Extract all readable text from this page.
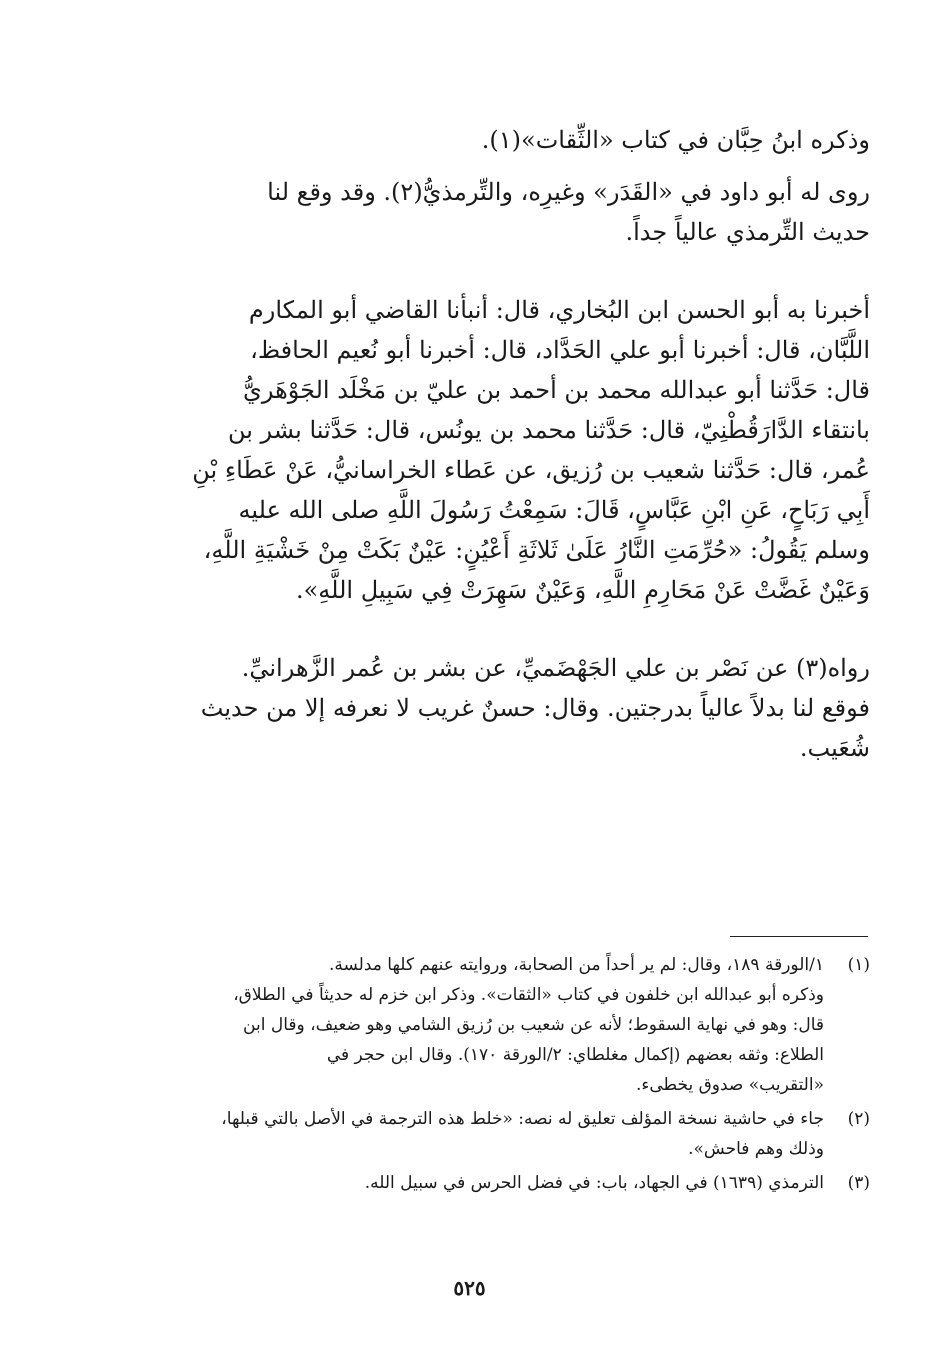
وذكره ابنُ حِبَّان في كتاب «الثِّقات»(١).

روى له أبو داود في «القَدَر» وغيرِه، والتِّرمذيُّ(٢). وقد وقع لنا
حديث التِّرمذي عالياً جداً.

أخبرنا به أبو الحسن ابن البُخاري، قال: أنبأنا القاضي أبو المكارم
اللَّبَّان، قال: أخبرنا أبو علي الحَدَّاد، قال: أخبرنا أبو نُعيم الحافظ،
قال: حَدَّثنا أبو عبدالله محمد بن أحمد بن عليّ بن مَخْلَد الجَوْهَريُّ
بانتقاء الدَّارَقُطْنِيّ، قال: حَدَّثنا محمد بن يونُس، قال: حَدَّثنا بشر بن
عُمر، قال: حَدَّثنا شعيب بن رُزيق، عن عَطاء الخراسانيُّ، عَنْ عَطَاءِ بْنِ
أَبِي رَبَاحٍ، عَنِ ابْنِ عَبَّاسٍ، قَالَ: سَمِعْتُ رَسُولَ اللَّهِ صلى الله عليه
وسلم يَقُولُ: «حُرِّمَتِ النَّارُ عَلَىٰ ثَلاثَةِ أَعْيُنٍ: عَيْنٌ بَكَتْ مِنْ خَشْيَةِ اللَّهِ،
وَعَيْنٌ غَضَّتْ عَنْ مَحَارِمِ اللَّهِ، وَعَيْنٌ سَهِرَتْ فِي سَبِيلِ اللَّهِ».

رواه(٣) عن نَصْر بن علي الجَهْضَميِّ، عن بشر بن عُمر الزَّهرانيِّ.
فوقع لنا بدلاً عالياً بدرجتين. وقال: حسنٌ غريب لا نعرفه إلا من حديث
شُعَيب.

(١)
١/الورقة ١٨٩، وقال: لم ير أحداً من الصحابة، وروايته عنهم كلها مدلسة.
وذكره أبو عبدالله ابن خلفون في كتاب «الثقات». وذكر ابن خزم له حديثاً في الطلاق،
قال: وهو في نهاية السقوط؛ لأنه عن شعيب بن رُزيق الشامي وهو ضعيف، وقال ابن
الطلاع: وثقه بعضهم (إكمال مغلطاي: ٢/الورقة ١٧٠). وقال ابن حجر في
«التقريب» صدوق يخطىء.
(٢)
جاء في حاشية نسخة المؤلف تعليق له نصه: «خلط هذه الترجمة في الأصل بالتي قبلها،
وذلك وهم فاحش».
(٣)
الترمذي (١٦٣٩) في الجهاد، باب: في فضل الحرس في سبيل الله.
٥٢٥
